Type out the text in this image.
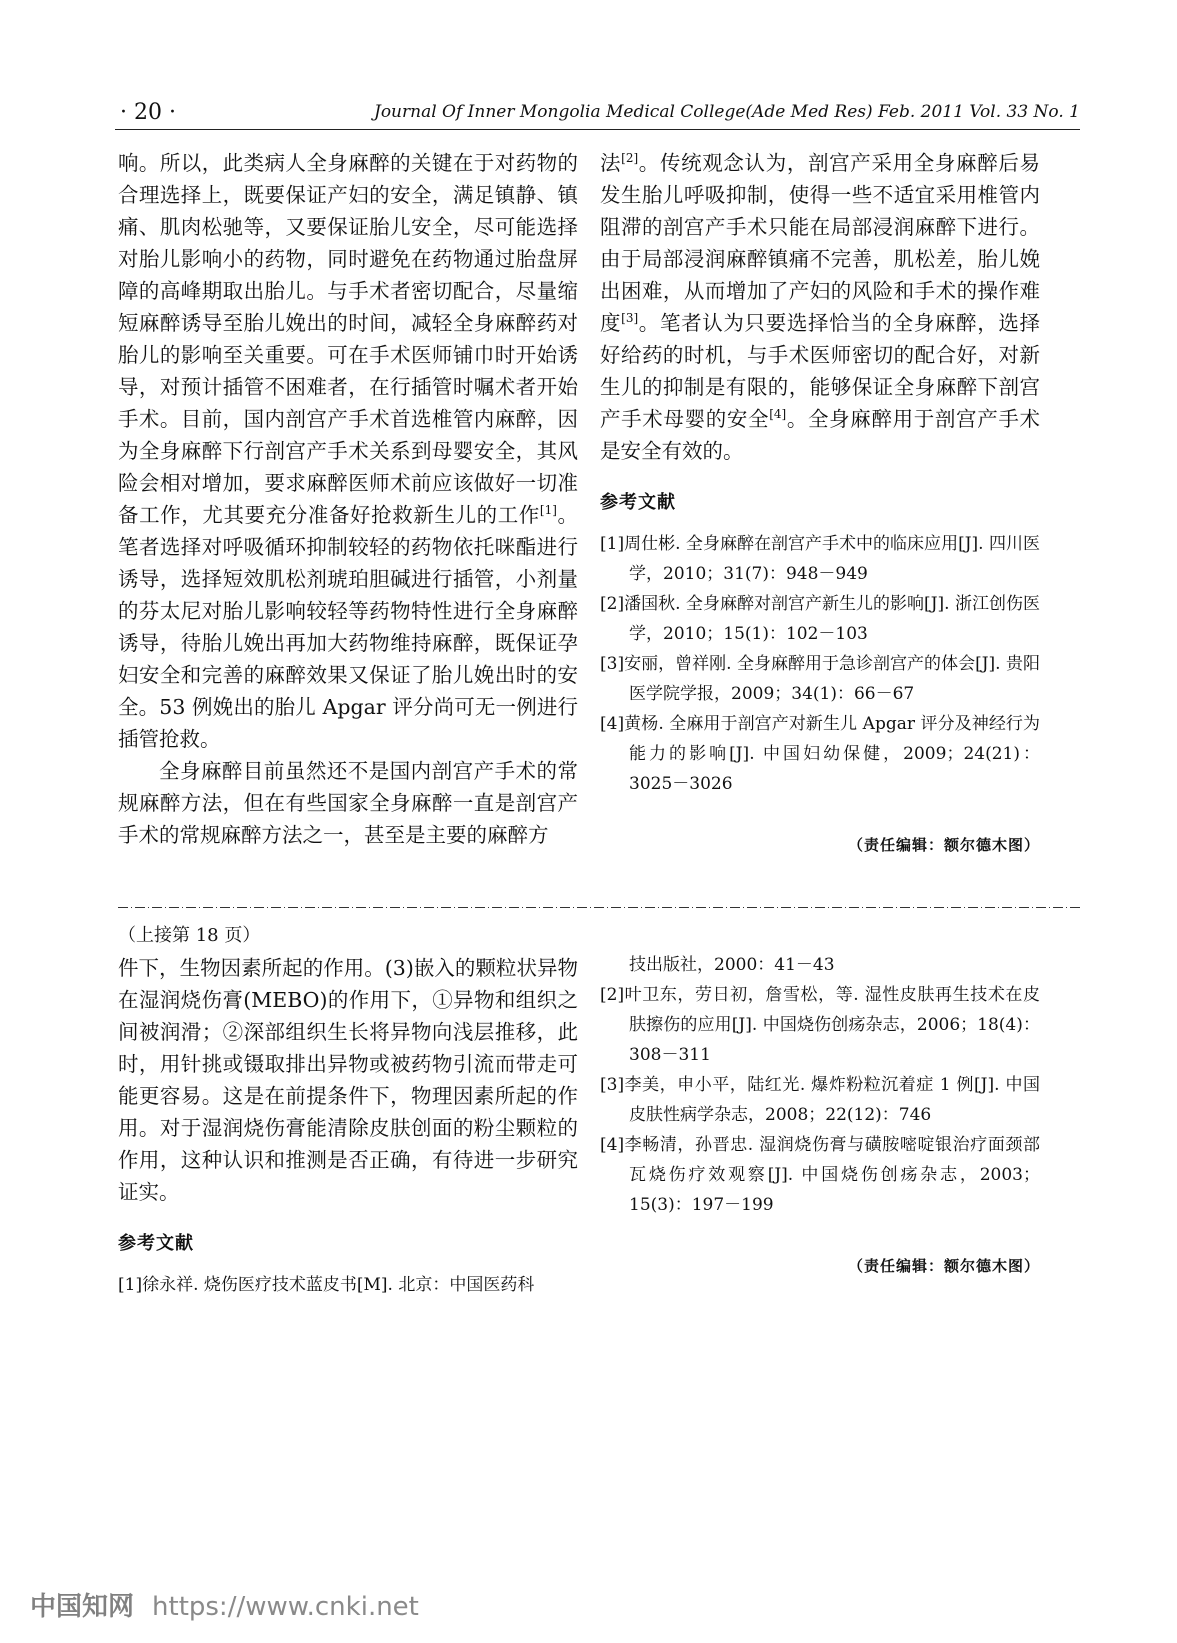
· 20 ·	Journal Of Inner Mongolia Medical College(Ade Med Res) Feb. 2011 Vol. 33 No. 1

响。所以，此类病人全身麻醉的关键在于对药物的合理选择上，既要保证产妇的安全，满足镇静、镇痛、肌肉松驰等，又要保证胎儿安全，尽可能选择对胎儿影响小的药物，同时避免在药物通过胎盘屏障的高峰期取出胎儿。与手术者密切配合，尽量缩短麻醉诱导至胎儿娩出的时间，减轻全身麻醉药对胎儿的影响至关重要。可在手术医师铺巾时开始诱导，对预计插管不困难者，在行插管时嘱术者开始手术。目前，国内剖宫产手术首选椎管内麻醉，因为全身麻醉下行剖宫产手术关系到母婴安全，其风险会相对增加，要求麻醉医师术前应该做好一切准备工作，尤其要充分准备好抢救新生儿的工作[1]。笔者选择对呼吸循环抑制较轻的药物依托咪酯进行诱导，选择短效肌松剂琥珀胆碱进行插管，小剂量的芬太尼对胎儿影响较轻等药物特性进行全身麻醉诱导，待胎儿娩出再加大药物维持麻醉，既保证孕妇安全和完善的麻醉效果又保证了胎儿娩出时的安全。53 例娩出的胎儿 Apgar 评分尚可无一例进行插管抢救。

全身麻醉目前虽然还不是国内剖宫产手术的常规麻醉方法，但在有些国家全身麻醉一直是剖宫产手术的常规麻醉方法之一，甚至是主要的麻醉方

法[2]。传统观念认为，剖宫产采用全身麻醉后易发生胎儿呼吸抑制，使得一些不适宜采用椎管内阻滞的剖宫产手术只能在局部浸润麻醉下进行。由于局部浸润麻醉镇痛不完善，肌松差，胎儿娩出困难，从而增加了产妇的风险和手术的操作难度[3]。笔者认为只要选择恰当的全身麻醉，选择好给药的时机，与手术医师密切的配合好，对新生儿的抑制是有限的，能够保证全身麻醉下剖宫产手术母婴的安全[4]。全身麻醉用于剖宫产手术是安全有效的。

参考文献

[1]周仕彬. 全身麻醉在剖宫产手术中的临床应用[J]. 四川医学，2010；31(7)：948－949

[2]潘国秋. 全身麻醉对剖宫产新生儿的影响[J]. 浙江创伤医学，2010；15(1)：102－103

[3]安丽，曾祥刚. 全身麻醉用于急诊剖宫产的体会[J]. 贵阳医学院学报，2009；34(1)：66－67

[4]黄杨. 全麻用于剖宫产对新生儿 Apgar 评分及神经行为能力的影响[J]. 中国妇幼保健，2009；24(21)：3025－3026

（责任编辑：额尔德木图）
（上接第 18 页）

件下，生物因素所起的作用。(3)嵌入的颗粒状异物在湿润烧伤膏(MEBO)的作用下，①异物和组织之间被润滑；②深部组织生长将异物向浅层推移，此时，用针挑或镊取排出异物或被药物引流而带走可能更容易。这是在前提条件下，物理因素所起的作用。对于湿润烧伤膏能清除皮肤创面的粉尘颗粒的作用，这种认识和推测是否正确，有待进一步研究证实。

参考文献

[1]徐永祥. 烧伤医疗技术蓝皮书[M]. 北京：中国医药科

技出版社，2000：41－43

[2]叶卫东，劳日初，詹雪松，等. 湿性皮肤再生技术在皮肤擦伤的应用[J]. 中国烧伤创疡杂志，2006；18(4)：308－311

[3]李美，申小平，陆红光. 爆炸粉粒沉着症 1 例[J]. 中国皮肤性病学杂志，2008；22(12)：746

[4]李畅清，孙晋忠. 湿润烧伤膏与磺胺嘧啶银治疗面颈部瓦烧伤疗效观察[J]. 中国烧伤创疡杂志，2003；15(3)：197－199

（责任编辑：额尔德木图）
中国知网 https://www.cnki.net
